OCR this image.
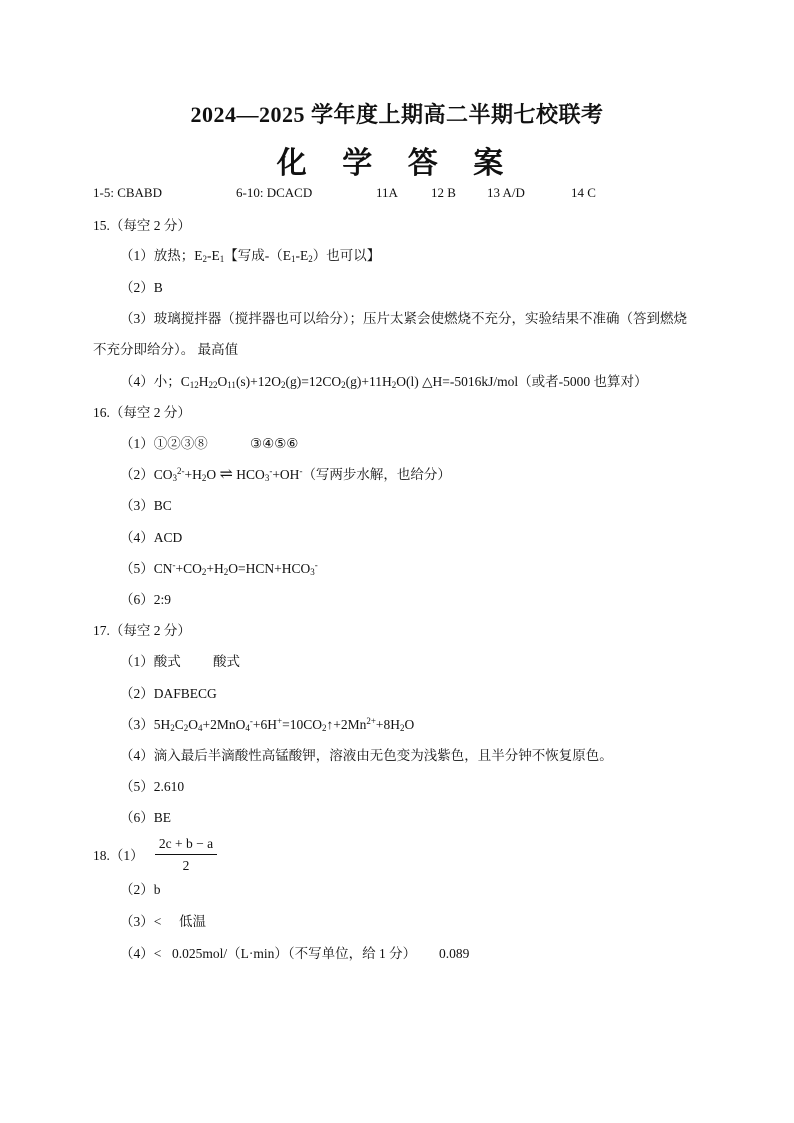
2024—2025 学年度上期高二半期七校联考
化 学 答 案
1-5: CBABD	6-10: DCACD	11A	12 B 13 A/D	14 C
15.（每空 2 分）
（1）放热；$E_2-E_1$【写成$-(E_1-E_2)$也可以】
（2）B
（3）玻璃搅拌器（搅拌器也可以给分）；压片太紧会使燃烧不充分，实验结果不准确（答到燃烧
不充分即给分）。 最高值
（4）小；$C_{12}H_{22}O_{11}(s)+12O_2(g)=12CO_2(g)+11H_2O(l)$ △H=-5016kJ/mol（或者-5000 也算对）
16.（每空 2 分）
（1）①②③⑧	③④⑤⑥
$(2)CO_3^{2-}+H_2O$ ⇌ $HCO_3^-+OH^-$（写两步水解，也给分）
（3）BC
（4）ACD
$(5)CN^-+CO_2+H_2O=HCN+HCO_3^-$
（6）2:9
17.（每空 2 分）
（1）酸式 酸式
（2）DAFBECG
$(3)5H_2C_2O_4+2MnO_4^-+6H^+=10CO_2↑+2Mn^{2+}+8H_2O$
（4）滴入最后半滴酸性高锰酸钾，溶液由无色变为浅紫色，且半分钟不恢复原色。
（5）2.610
（6）BE
$18.(1) \frac{2c + b - a}{2}$
（2）b
（3）< 低温
（4）< 0.025mol/（L·min）（不写单位，给 1 分） 0.089
